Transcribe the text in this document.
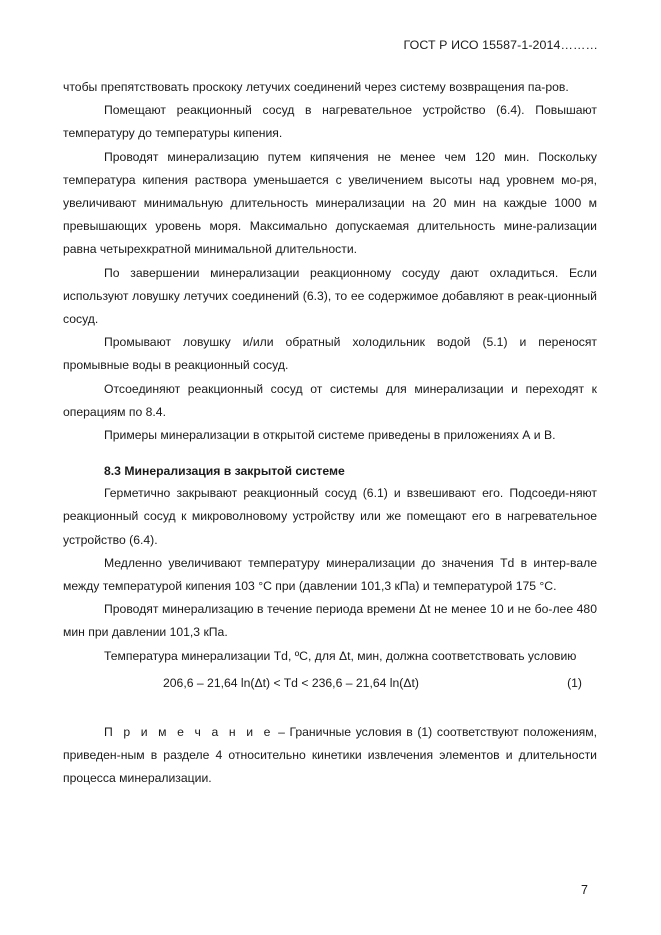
ГОСТ Р ИСО 15587-1-2014………

чтобы препятствовать проскоку летучих соединений через систему возвращения па-ров.

Помещают реакционный сосуд в нагревательное устройство (6.4). Повышают температуру до температуры кипения.

Проводят минерализацию путем кипячения не менее чем 120 мин. Поскольку температура кипения раствора уменьшается с увеличением высоты над уровнем мо-ря, увеличивают минимальную длительность минерализации на 20 мин на каждые 1000 м превышающих уровень моря. Максимально допускаемая длительность мине-рализации равна четырехкратной минимальной длительности.

По завершении минерализации реакционному сосуду дают охладиться. Если используют ловушку летучих соединений (6.3), то ее содержимое добавляют в реак-ционный сосуд.

Промывают ловушку и/или обратный холодильник водой (5.1) и переносят промывные воды в реакционный сосуд.

Отсоединяют реакционный сосуд от системы для минерализации и переходят к операциям по 8.4.

Примеры минерализации в открытой системе приведены в приложениях А и В.

8.3 Минерализация в закрытой системе

Герметично закрывают реакционный сосуд (6.1) и взвешивают его. Подсоеди-няют реакционный сосуд к микроволновому устройству или же помещают его в нагревательное устройство (6.4).

Медленно увеличивают температуру минерализации до значения Td в интер-вале между температурой кипения 103 °С при (давлении 101,3 кПа) и температурой 175 °С.

Проводят минерализацию в течение периода времени Δt не менее 10 и не бо-лее 480 мин при давлении 101,3 кПа.

Температура минерализации Td, ºС, для Δt, мин, должна соответствовать условию

206,6 – 21,64 ln(Δt) < Td < 236,6 – 21,64 ln(Δt)	(1)

П р и м е ч а н и е – Граничные условия в (1) соответствуют положениям, приведен-ным в разделе 4 относительно кинетики извлечения элементов и длительности процесса минерализации.

7
